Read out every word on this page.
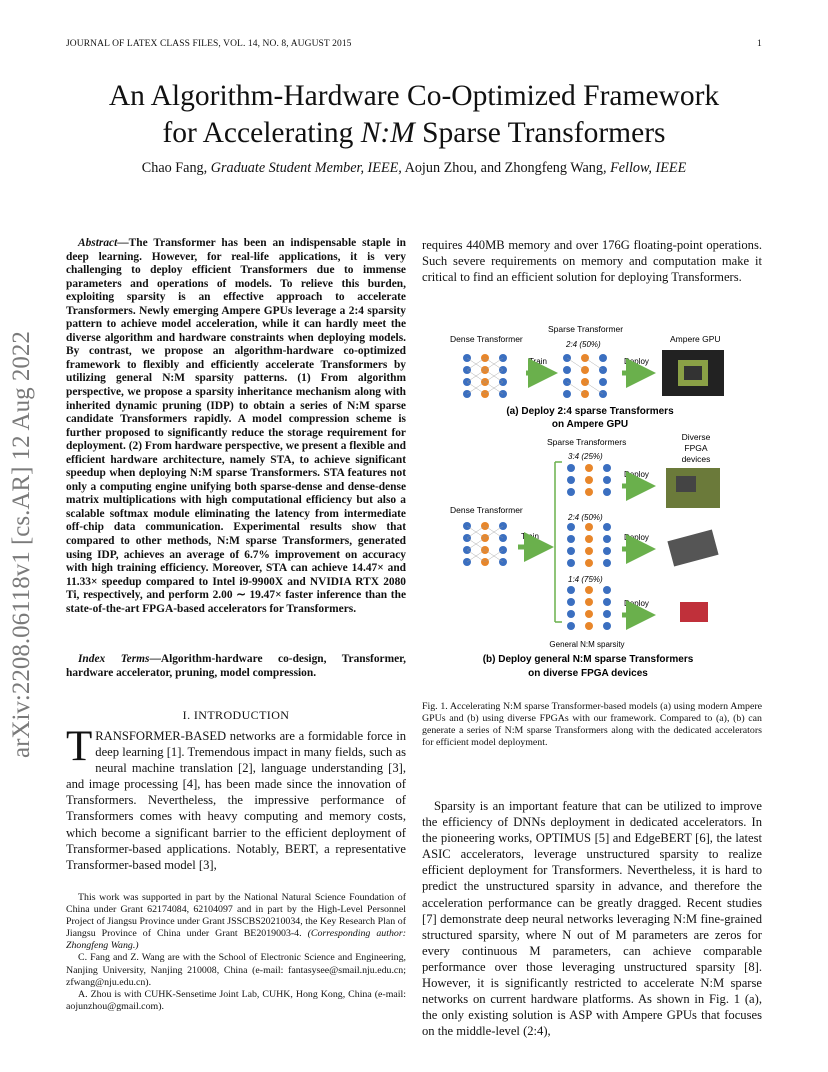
JOURNAL OF LATEX CLASS FILES, VOL. 14, NO. 8, AUGUST 2015	1
An Algorithm-Hardware Co-Optimized Framework
for Accelerating N:M Sparse Transformers
Chao Fang, Graduate Student Member, IEEE, Aojun Zhou, and Zhongfeng Wang, Fellow, IEEE
arXiv:2208.06118v1 [cs.AR] 12 Aug 2022

Abstract—The Transformer has been an indispensable staple in deep learning. However, for real-life applications, it is very challenging to deploy efficient Transformers due to immense parameters and operations of models. To relieve this burden, exploiting sparsity is an effective approach to accelerate Transformers. Newly emerging Ampere GPUs leverage a 2:4 sparsity pattern to achieve model acceleration, while it can hardly meet the diverse algorithm and hardware constraints when deploying models. By contrast, we propose an algorithm-hardware co-optimized framework to flexibly and efficiently accelerate Transformers by utilizing general N:M sparsity patterns. (1) From algorithm perspective, we propose a sparsity inheritance mechanism along with inherited dynamic pruning (IDP) to obtain a series of N:M sparse candidate Transformers rapidly. A model compression scheme is further proposed to significantly reduce the storage requirement for deployment. (2) From hardware perspective, we present a flexible and efficient hardware architecture, namely STA, to achieve significant speedup when deploying N:M sparse Transformers. STA features not only a computing engine unifying both sparse-dense and dense-dense matrix multiplications with high computational efficiency but also a scalable softmax module eliminating the latency from intermediate off-chip data communication. Experimental results show that compared to other methods, N:M sparse Transformers, generated using IDP, achieves an average of 6.7% improvement on accuracy with high training efficiency. Moreover, STA can achieve 14.47× and 11.33× speedup compared to Intel i9-9900X and NVIDIA RTX 2080 Ti, respectively, and perform 2.00 ∼ 19.47× faster inference than the state-of-the-art FPGA-based accelerators for Transformers.

Index Terms—Algorithm-hardware co-design, Transformer, hardware accelerator, pruning, model compression.

I. INTRODUCTION

TRANSFORMER-BASED networks are a formidable force in deep learning [1]. Tremendous impact in many fields, such as neural machine translation [2], language understanding [3], and image processing [4], has been made since the innovation of Transformers. Nevertheless, the impressive performance of Transformers comes with heavy computing and memory costs, which become a significant barrier to the efficient deployment of Transformer-based applications. Notably, BERT, a representative Transformer-based model [3],

This work was supported in part by the National Natural Science Foundation of China under Grant 62174084, 62104097 and in part by the High-Level Personnel Project of Jiangsu Province under Grant JSSCBS20210034, the Key Research Plan of Jiangsu Province of China under Grant BE2019003-4. (Corresponding author: Zhongfeng Wang.)

C. Fang and Z. Wang are with the School of Electronic Science and Engineering, Nanjing University, Nanjing 210008, China (e-mail: fantasysee@smail.nju.edu.cn; zfwang@nju.edu.cn).

A. Zhou is with CUHK-Sensetime Joint Lab, CUHK, Hong Kong, China (e-mail: aojunzhou@gmail.com).

requires 440MB memory and over 176G floating-point operations. Such severe requirements on memory and computation make it critical to find an efficient solution for deploying Transformers.

Dense Transformer
Sparse Transformer
2:4 (50%)
Ampere GPU
Train	Deploy
(a) Deploy 2:4 sparse Transformers
on Ampere GPU
Sparse Transformers	Diverse
FPGA
devices
3:4 (25%)
Dense Transformer
Deploy
2:4 (50%)
Train	Deploy
1:4 (75%)
Deploy
General N:M sparsity
(b) Deploy general N:M sparse Transformers
on diverse FPGA devices

Fig. 1. Accelerating N:M sparse Transformer-based models (a) using modern Ampere GPUs and (b) using diverse FPGAs with our framework. Compared to (a), (b) can generate a series of N:M sparse Transformers along with the dedicated accelerators for efficient model deployment.

Sparsity is an important feature that can be utilized to improve the efficiency of DNNs deployment in dedicated accelerators. In the pioneering works, OPTIMUS [5] and EdgeBERT [6], the latest ASIC accelerators, leverage unstructured sparsity to realize efficient deployment for Transformers. Nevertheless, it is hard to predict the unstructured sparsity in advance, and therefore the acceleration performance can be greatly dragged. Recent studies [7] demonstrate deep neural networks leveraging N:M fine-grained structured sparsity, where N out of M parameters are zeros for every continuous M parameters, can achieve comparable performance over those leveraging unstructured sparsity [8]. However, it is significantly restricted to accelerate N:M sparse networks on current hardware platforms. As shown in Fig. 1 (a), the only existing solution is ASP with Ampere GPUs that focuses on the middle-level (2:4),
